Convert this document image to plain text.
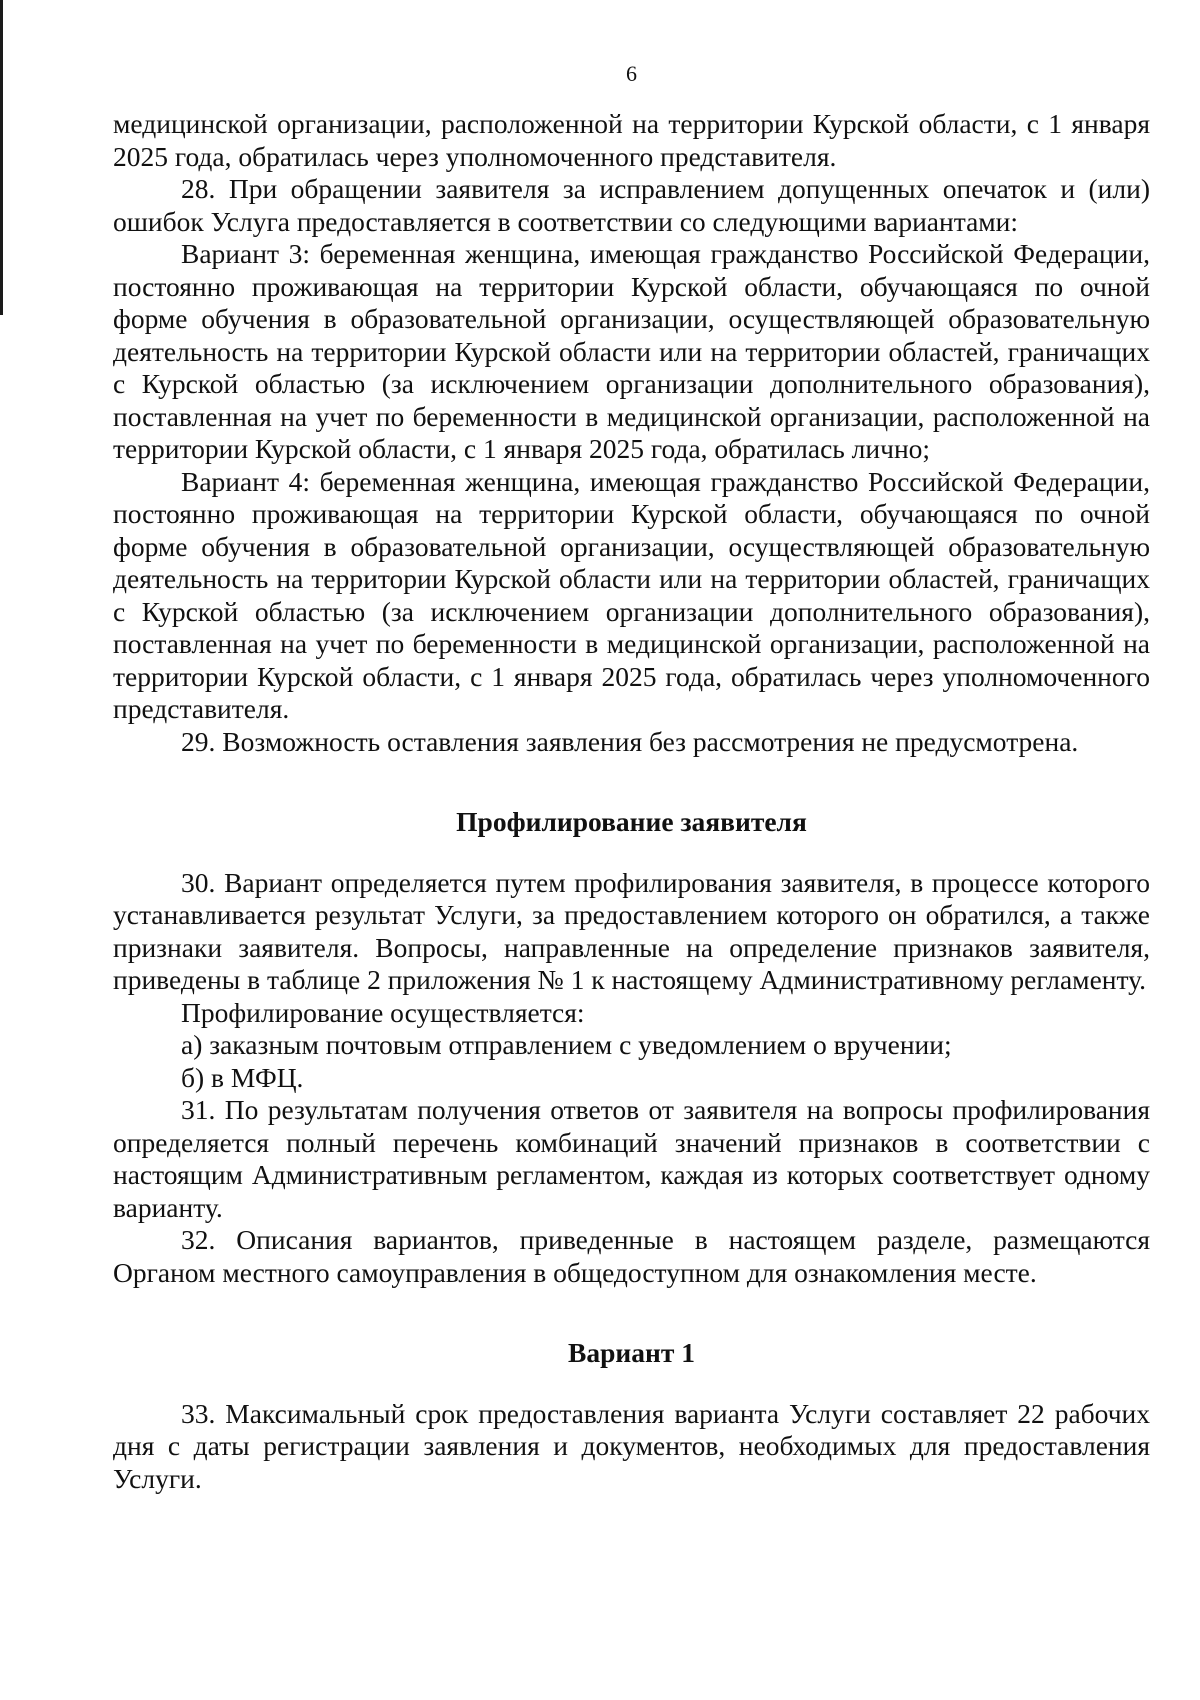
6

медицинской организации, расположенной на территории Курской области, с 1 января 2025 года, обратилась через уполномоченного представителя.

28. При обращении заявителя за исправлением допущенных опечаток и (или) ошибок Услуга предоставляется в соответствии со следующими вариантами:

Вариант 3: беременная женщина, имеющая гражданство Российской Федерации, постоянно проживающая на территории Курской области, обучающаяся по очной форме обучения в образовательной организации, осуществляющей образовательную деятельность на территории Курской области или на территории областей, граничащих с Курской областью (за исключением организации дополнительного образования), поставленная на учет по беременности в медицинской организации, расположенной на территории Курской области, с 1 января 2025 года, обратилась лично;

Вариант 4: беременная женщина, имеющая гражданство Российской Федерации, постоянно проживающая на территории Курской области, обучающаяся по очной форме обучения в образовательной организации, осуществляющей образовательную деятельность на территории Курской области или на территории областей, граничащих с Курской областью (за исключением организации дополнительного образования), поставленная на учет по беременности в медицинской организации, расположенной на территории Курской области, с 1 января 2025 года, обратилась через уполномоченного представителя.

29. Возможность оставления заявления без рассмотрения не предусмотрена.

Профилирование заявителя

30. Вариант определяется путем профилирования заявителя, в процессе которого устанавливается результат Услуги, за предоставлением которого он обратился, а также признаки заявителя. Вопросы, направленные на определение признаков заявителя, приведены в таблице 2 приложения № 1 к настоящему Административному регламенту.

Профилирование осуществляется:

а) заказным почтовым отправлением с уведомлением о вручении;

б) в МФЦ.

31. По результатам получения ответов от заявителя на вопросы профилирования определяется полный перечень комбинаций значений признаков в соответствии с настоящим Административным регламентом, каждая из которых соответствует одному варианту.

32. Описания вариантов, приведенные в настоящем разделе, размещаются Органом местного самоуправления в общедоступном для ознакомления месте.

Вариант 1

33. Максимальный срок предоставления варианта Услуги составляет 22 рабочих дня с даты регистрации заявления и документов, необходимых для предоставления Услуги.
